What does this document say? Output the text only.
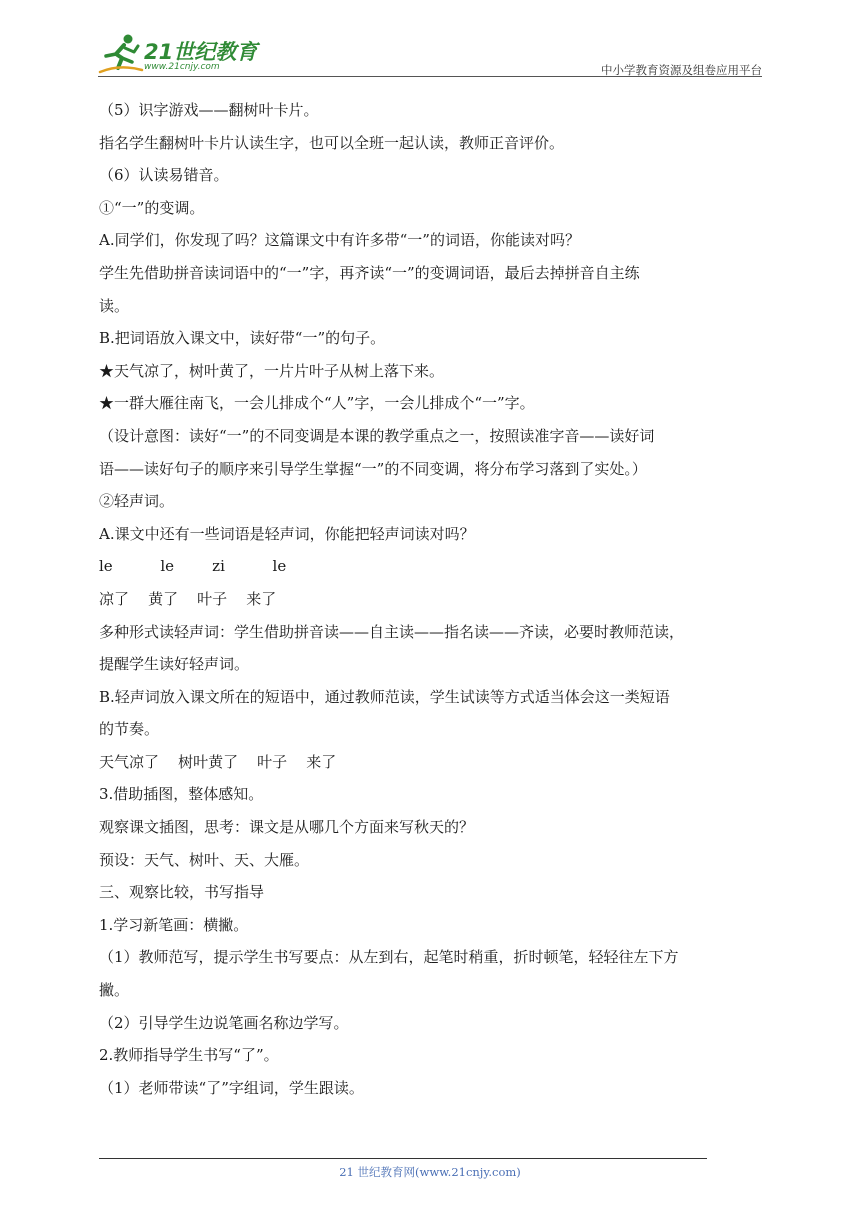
21世纪教育
www.21cnjy.com	中小学教育资源及组卷应用平台
（5）识字游戏——翻树叶卡片。
指名学生翻树叶卡片认读生字，也可以全班一起认读，教师正音评价。
（6）认读易错音。
①“一”的变调。
A.同学们，你发现了吗？这篇课文中有许多带“一”的词语，你能读对吗？
学生先借助拼音读词语中的“一”字，再齐读“一”的变调词语，最后去掉拼音自主练
读。
B.把词语放入课文中，读好带“一”的句子。
★天气凉了，树叶黄了，一片片叶子从树上落下来。
★一群大雁往南飞，一会儿排成个“人”字，一会儿排成个“一”字。
（设计意图：读好“一”的不同变调是本课的教学重点之一，按照读准字音——读好词
语——读好句子的顺序来引导学生掌握“一”的不同变调，将分布学习落到了实处。）
②轻声词。
A.课文中还有一些词语是轻声词，你能把轻声词读对吗？
le          le        zi          le
凉了    黄了    叶子    来了
多种形式读轻声词：学生借助拼音读——自主读——指名读——齐读，必要时教师范读，
提醒学生读好轻声词。
B.轻声词放入课文所在的短语中，通过教师范读，学生试读等方式适当体会这一类短语
的节奏。
天气凉了    树叶黄了    叶子    来了
3.借助插图，整体感知。
观察课文插图，思考：课文是从哪几个方面来写秋天的？
预设：天气、树叶、天、大雁。
三、观察比较，书写指导
1.学习新笔画：横撇。
（1）教师范写，提示学生书写要点：从左到右，起笔时稍重，折时顿笔，轻轻往左下方
撇。
（2）引导学生边说笔画名称边学写。
2.教师指导学生书写“了”。
（1）老师带读“了”字组词，学生跟读。
21 世纪教育网(www.21cnjy.com)
